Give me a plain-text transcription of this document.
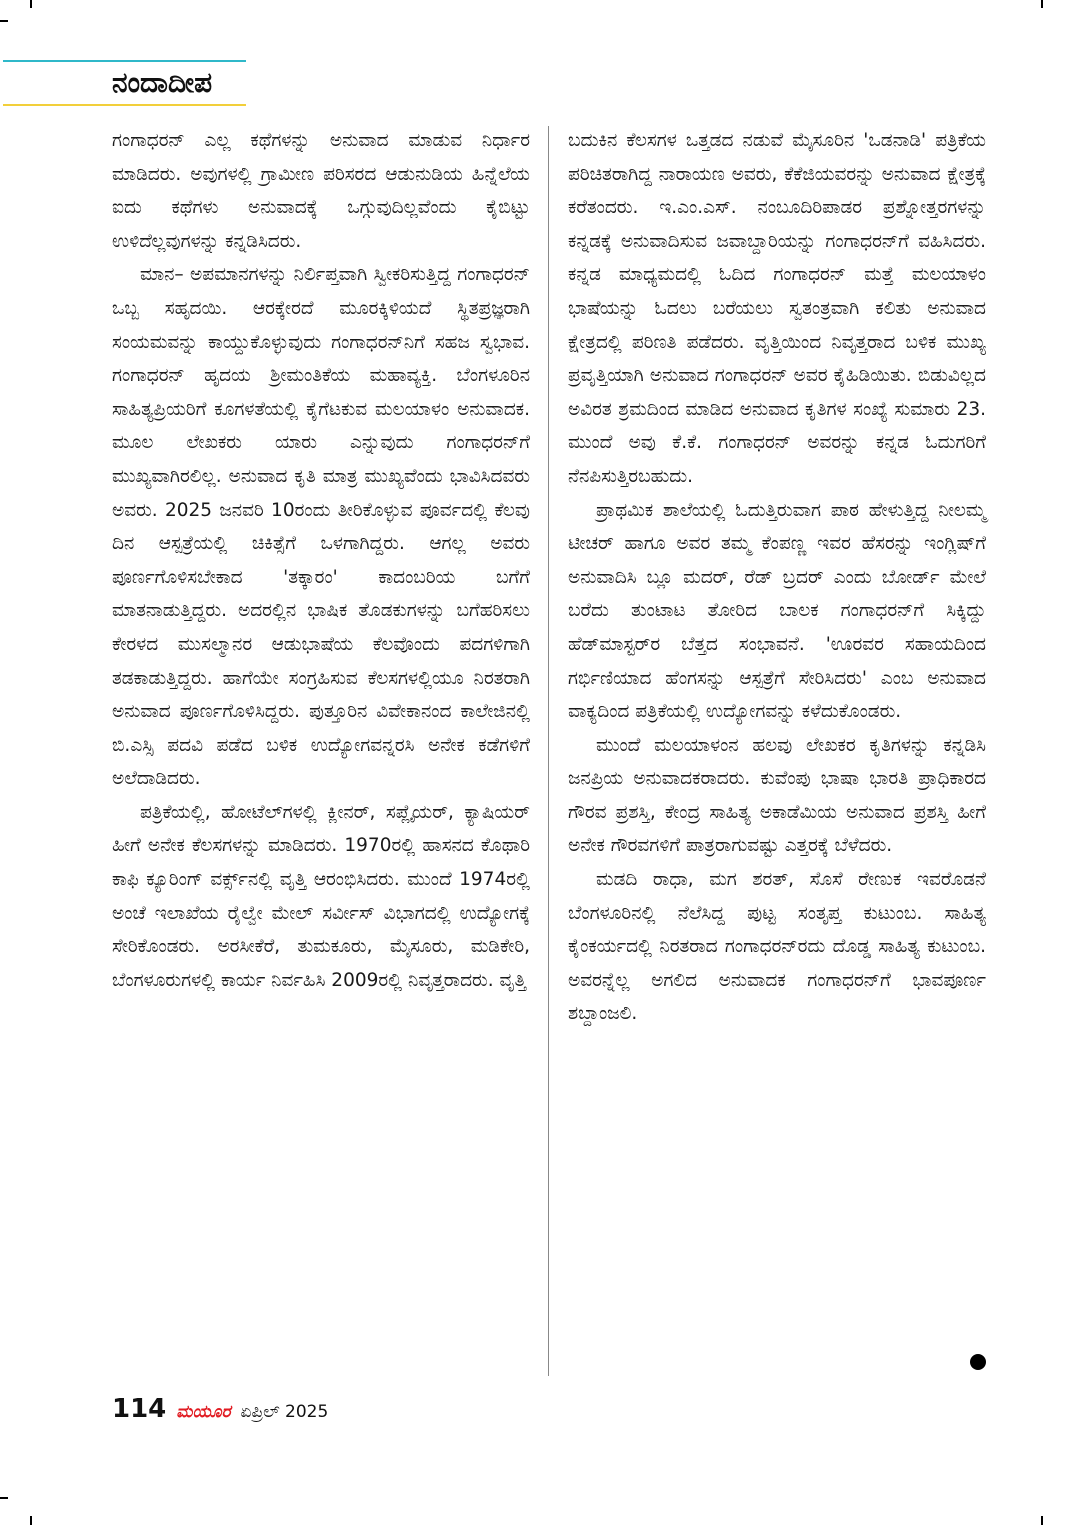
ನಂದಾದೀಪ

ಗಂಗಾಧರನ್ ಎಲ್ಲ ಕಥೆಗಳನ್ನು ಅನುವಾದ ಮಾಡುವ ನಿರ್ಧಾರ ಮಾಡಿದರು. ಅವುಗಳಲ್ಲಿ ಗ್ರಾಮೀಣ ಪರಿಸರದ ಆಡುನುಡಿಯ ಹಿನ್ನೆಲೆಯ ಐದು ಕಥೆಗಳು ಅನುವಾದಕ್ಕೆ ಒಗ್ಗುವುದಿಲ್ಲವೆಂದು ಕೈಬಿಟ್ಟು ಉಳಿದೆಲ್ಲವುಗಳನ್ನು ಕನ್ನಡಿಸಿದರು.

ಮಾನ– ಅಪಮಾನಗಳನ್ನು ನಿರ್ಲಿಪ್ತವಾಗಿ ಸ್ವೀಕರಿಸುತ್ತಿದ್ದ ಗಂಗಾಧರನ್ ಒಬ್ಬ ಸಹೃದಯಿ. ಆರಕ್ಕೇರದೆ ಮೂರಕ್ಕಿಳಿಯದೆ ಸ್ಥಿತಪ್ರಜ್ಞರಾಗಿ ಸಂಯಮವನ್ನು ಕಾಯ್ದುಕೊಳ್ಳುವುದು ಗಂಗಾಧರನ್‌ನಿಗೆ ಸಹಜ ಸ್ವಭಾವ. ಗಂಗಾಧರನ್ ಹೃದಯ ಶ್ರೀಮಂತಿಕೆಯ ಮಹಾವ್ಯಕ್ತಿ. ಬೆಂಗಳೂರಿನ ಸಾಹಿತ್ಯಪ್ರಿಯರಿಗೆ ಕೂಗಳತೆಯಲ್ಲಿ ಕೈಗೆಟಕುವ ಮಲಯಾಳಂ ಅನುವಾದಕ. ಮೂಲ ಲೇಖಕರು ಯಾರು ಎನ್ನುವುದು ಗಂಗಾಧರನ್‌ಗೆ ಮುಖ್ಯವಾಗಿರಲಿಲ್ಲ. ಅನುವಾದ ಕೃತಿ ಮಾತ್ರ ಮುಖ್ಯವೆಂದು ಭಾವಿಸಿದವರು ಅವರು. 2025 ಜನವರಿ 10ರಂದು ತೀರಿಕೊಳ್ಳುವ ಪೂರ್ವದಲ್ಲಿ ಕೆಲವು ದಿನ ಆಸ್ಪತ್ರೆಯಲ್ಲಿ ಚಿಕಿತ್ಸೆಗೆ ಒಳಗಾಗಿದ್ದರು. ಆಗಲ್ಲ ಅವರು ಪೂರ್ಣಗೊಳಿಸಬೇಕಾದ 'ತಕ್ಕಾರಂ' ಕಾದಂಬರಿಯ ಬಗೆಗೆ ಮಾತನಾಡುತ್ತಿದ್ದರು. ಅದರಲ್ಲಿನ ಭಾಷಿಕ ತೊಡಕುಗಳನ್ನು ಬಗೆಹರಿಸಲು ಕೇರಳದ ಮುಸಲ್ಮಾನರ ಆಡುಭಾಷೆಯ ಕೆಲವೊಂದು ಪದಗಳಿಗಾಗಿ ತಡಕಾಡುತ್ತಿದ್ದರು. ಹಾಗೆಯೇ ಸಂಗ್ರಹಿಸುವ ಕೆಲಸಗಳಲ್ಲಿಯೂ ನಿರತರಾಗಿ ಅನುವಾದ ಪೂರ್ಣಗೊಳಿಸಿದ್ದರು. ಪುತ್ತೂರಿನ ವಿವೇಕಾನಂದ ಕಾಲೇಜಿನಲ್ಲಿ ಬಿ.ಎಸ್ಸಿ ಪದವಿ ಪಡೆದ ಬಳಿಕ ಉದ್ಯೋಗವನ್ನರಸಿ ಅನೇಕ ಕಡೆಗಳಿಗೆ ಅಲೆದಾಡಿದರು.

ಪತ್ರಿಕೆಯಲ್ಲಿ, ಹೋಟೆಲ್‌ಗಳಲ್ಲಿ ಕ್ಲೀನರ್, ಸಪ್ಲೈಯರ್, ಕ್ಯಾಷಿಯರ್ ಹೀಗೆ ಅನೇಕ ಕೆಲಸಗಳನ್ನು ಮಾಡಿದರು. 1970ರಲ್ಲಿ ಹಾಸನದ ಕೊಥಾರಿ ಕಾಫಿ ಕ್ಯೂರಿಂಗ್ ವರ್ಕ್ಸ್‌ನಲ್ಲಿ ವೃತ್ತಿ ಆರಂಭಿಸಿದರು. ಮುಂದೆ 1974ರಲ್ಲಿ ಅಂಚೆ ಇಲಾಖೆಯ ರೈಲ್ವೇ ಮೇಲ್ ಸರ್ವೀಸ್ ವಿಭಾಗದಲ್ಲಿ ಉದ್ಯೋಗಕ್ಕೆ ಸೇರಿಕೊಂಡರು. ಅರಸೀಕೆರೆ, ತುಮಕೂರು, ಮೈಸೂರು, ಮಡಿಕೇರಿ, ಬೆಂಗಳೂರುಗಳಲ್ಲಿ ಕಾರ್ಯ ನಿರ್ವಹಿಸಿ 2009ರಲ್ಲಿ ನಿವೃತ್ತರಾದರು. ವೃತ್ತಿ

ಬದುಕಿನ ಕೆಲಸಗಳ ಒತ್ತಡದ ನಡುವೆ ಮೈಸೂರಿನ 'ಒಡನಾಡಿ' ಪತ್ರಿಕೆಯ ಪರಿಚಿತರಾಗಿದ್ದ ನಾರಾಯಣ ಅವರು, ಕೆಕೆಜಿಯವರನ್ನು ಅನುವಾದ ಕ್ಷೇತ್ರಕ್ಕೆ ಕರೆತಂದರು. ಇ.ಎಂ.ಎಸ್. ನಂಬೂದಿರಿಪಾಡರ ಪ್ರಶ್ನೋತ್ತರಗಳನ್ನು ಕನ್ನಡಕ್ಕೆ ಅನುವಾದಿಸುವ ಜವಾಬ್ದಾರಿಯನ್ನು ಗಂಗಾಧರನ್‌ಗೆ ವಹಿಸಿದರು. ಕನ್ನಡ ಮಾಧ್ಯಮದಲ್ಲಿ ಓದಿದ ಗಂಗಾಧರನ್ ಮತ್ತೆ ಮಲಯಾಳಂ ಭಾಷೆಯನ್ನು ಓದಲು ಬರೆಯಲು ಸ್ವತಂತ್ರವಾಗಿ ಕಲಿತು ಅನುವಾದ ಕ್ಷೇತ್ರದಲ್ಲಿ ಪರಿಣತಿ ಪಡೆದರು. ವೃತ್ತಿಯಿಂದ ನಿವೃತ್ತರಾದ ಬಳಿಕ ಮುಖ್ಯ ಪ್ರವೃತ್ತಿಯಾಗಿ ಅನುವಾದ ಗಂಗಾಧರನ್ ಅವರ ಕೈಹಿಡಿಯಿತು. ಬಿಡುವಿಲ್ಲದ ಅವಿರತ ಶ್ರಮದಿಂದ ಮಾಡಿದ ಅನುವಾದ ಕೃತಿಗಳ ಸಂಖ್ಯೆ ಸುಮಾರು 23. ಮುಂದೆ ಅವು ಕೆ.ಕೆ. ಗಂಗಾಧರನ್ ಅವರನ್ನು ಕನ್ನಡ ಓದುಗರಿಗೆ ನೆನಪಿಸುತ್ತಿರಬಹುದು.

ಪ್ರಾಥಮಿಕ ಶಾಲೆಯಲ್ಲಿ ಓದುತ್ತಿರುವಾಗ ಪಾಠ ಹೇಳುತ್ತಿದ್ದ ನೀಲಮ್ಮ ಟೀಚರ್ ಹಾಗೂ ಅವರ ತಮ್ಮ ಕೆಂಪಣ್ಣ ಇವರ ಹೆಸರನ್ನು ಇಂಗ್ಲಿಷ್‌ಗೆ ಅನುವಾದಿಸಿ ಬ್ಲೂ ಮದರ್, ರೆಡ್ ಬ್ರದರ್ ಎಂದು ಬೋರ್ಡ್ ಮೇಲೆ ಬರೆದು ತುಂಟಾಟ ತೋರಿದ ಬಾಲಕ ಗಂಗಾಧರನ್‌ಗೆ ಸಿಕ್ಕಿದ್ದು ಹೆಡ್‌ಮಾಸ್ಟರ್‌ರ ಬೆತ್ತದ ಸಂಭಾವನೆ. 'ಊರವರ ಸಹಾಯದಿಂದ ಗರ್ಭಿಣಿಯಾದ ಹೆಂಗಸನ್ನು ಆಸ್ಪತ್ರೆಗೆ ಸೇರಿಸಿದರು' ಎಂಬ ಅನುವಾದ ವಾಕ್ಯದಿಂದ ಪತ್ರಿಕೆಯಲ್ಲಿ ಉದ್ಯೋಗವನ್ನು ಕಳೆದುಕೊಂಡರು.

ಮುಂದೆ ಮಲಯಾಳಂನ ಹಲವು ಲೇಖಕರ ಕೃತಿಗಳನ್ನು ಕನ್ನಡಿಸಿ ಜನಪ್ರಿಯ ಅನುವಾದಕರಾದರು. ಕುವೆಂಪು ಭಾಷಾ ಭಾರತಿ ಪ್ರಾಧಿಕಾರದ ಗೌರವ ಪ್ರಶಸ್ತಿ, ಕೇಂದ್ರ ಸಾಹಿತ್ಯ ಅಕಾಡೆಮಿಯ ಅನುವಾದ ಪ್ರಶಸ್ತಿ ಹೀಗೆ ಅನೇಕ ಗೌರವಗಳಿಗೆ ಪಾತ್ರರಾಗುವಷ್ಟು ಎತ್ತರಕ್ಕೆ ಬೆಳೆದರು.

ಮಡದಿ ರಾಧಾ, ಮಗ ಶರತ್, ಸೊಸೆ ರೇಣುಕ ಇವರೊಡನೆ ಬೆಂಗಳೂರಿನಲ್ಲಿ ನೆಲೆಸಿದ್ದ ಪುಟ್ಟ ಸಂತೃಪ್ತ ಕುಟುಂಬ. ಸಾಹಿತ್ಯ ಕೈಂಕರ್ಯದಲ್ಲಿ ನಿರತರಾದ ಗಂಗಾಧರನ್‌ರದು ದೊಡ್ಡ ಸಾಹಿತ್ಯ ಕುಟುಂಬ. ಅವರನ್ನೆಲ್ಲ ಅಗಲಿದ ಅನುವಾದಕ ಗಂಗಾಧರನ್‌ಗೆ ಭಾವಪೂರ್ಣ ಶಬ್ದಾಂಜಲಿ.

114 ಮಯೂರ ಏಪ್ರಿಲ್ 2025
